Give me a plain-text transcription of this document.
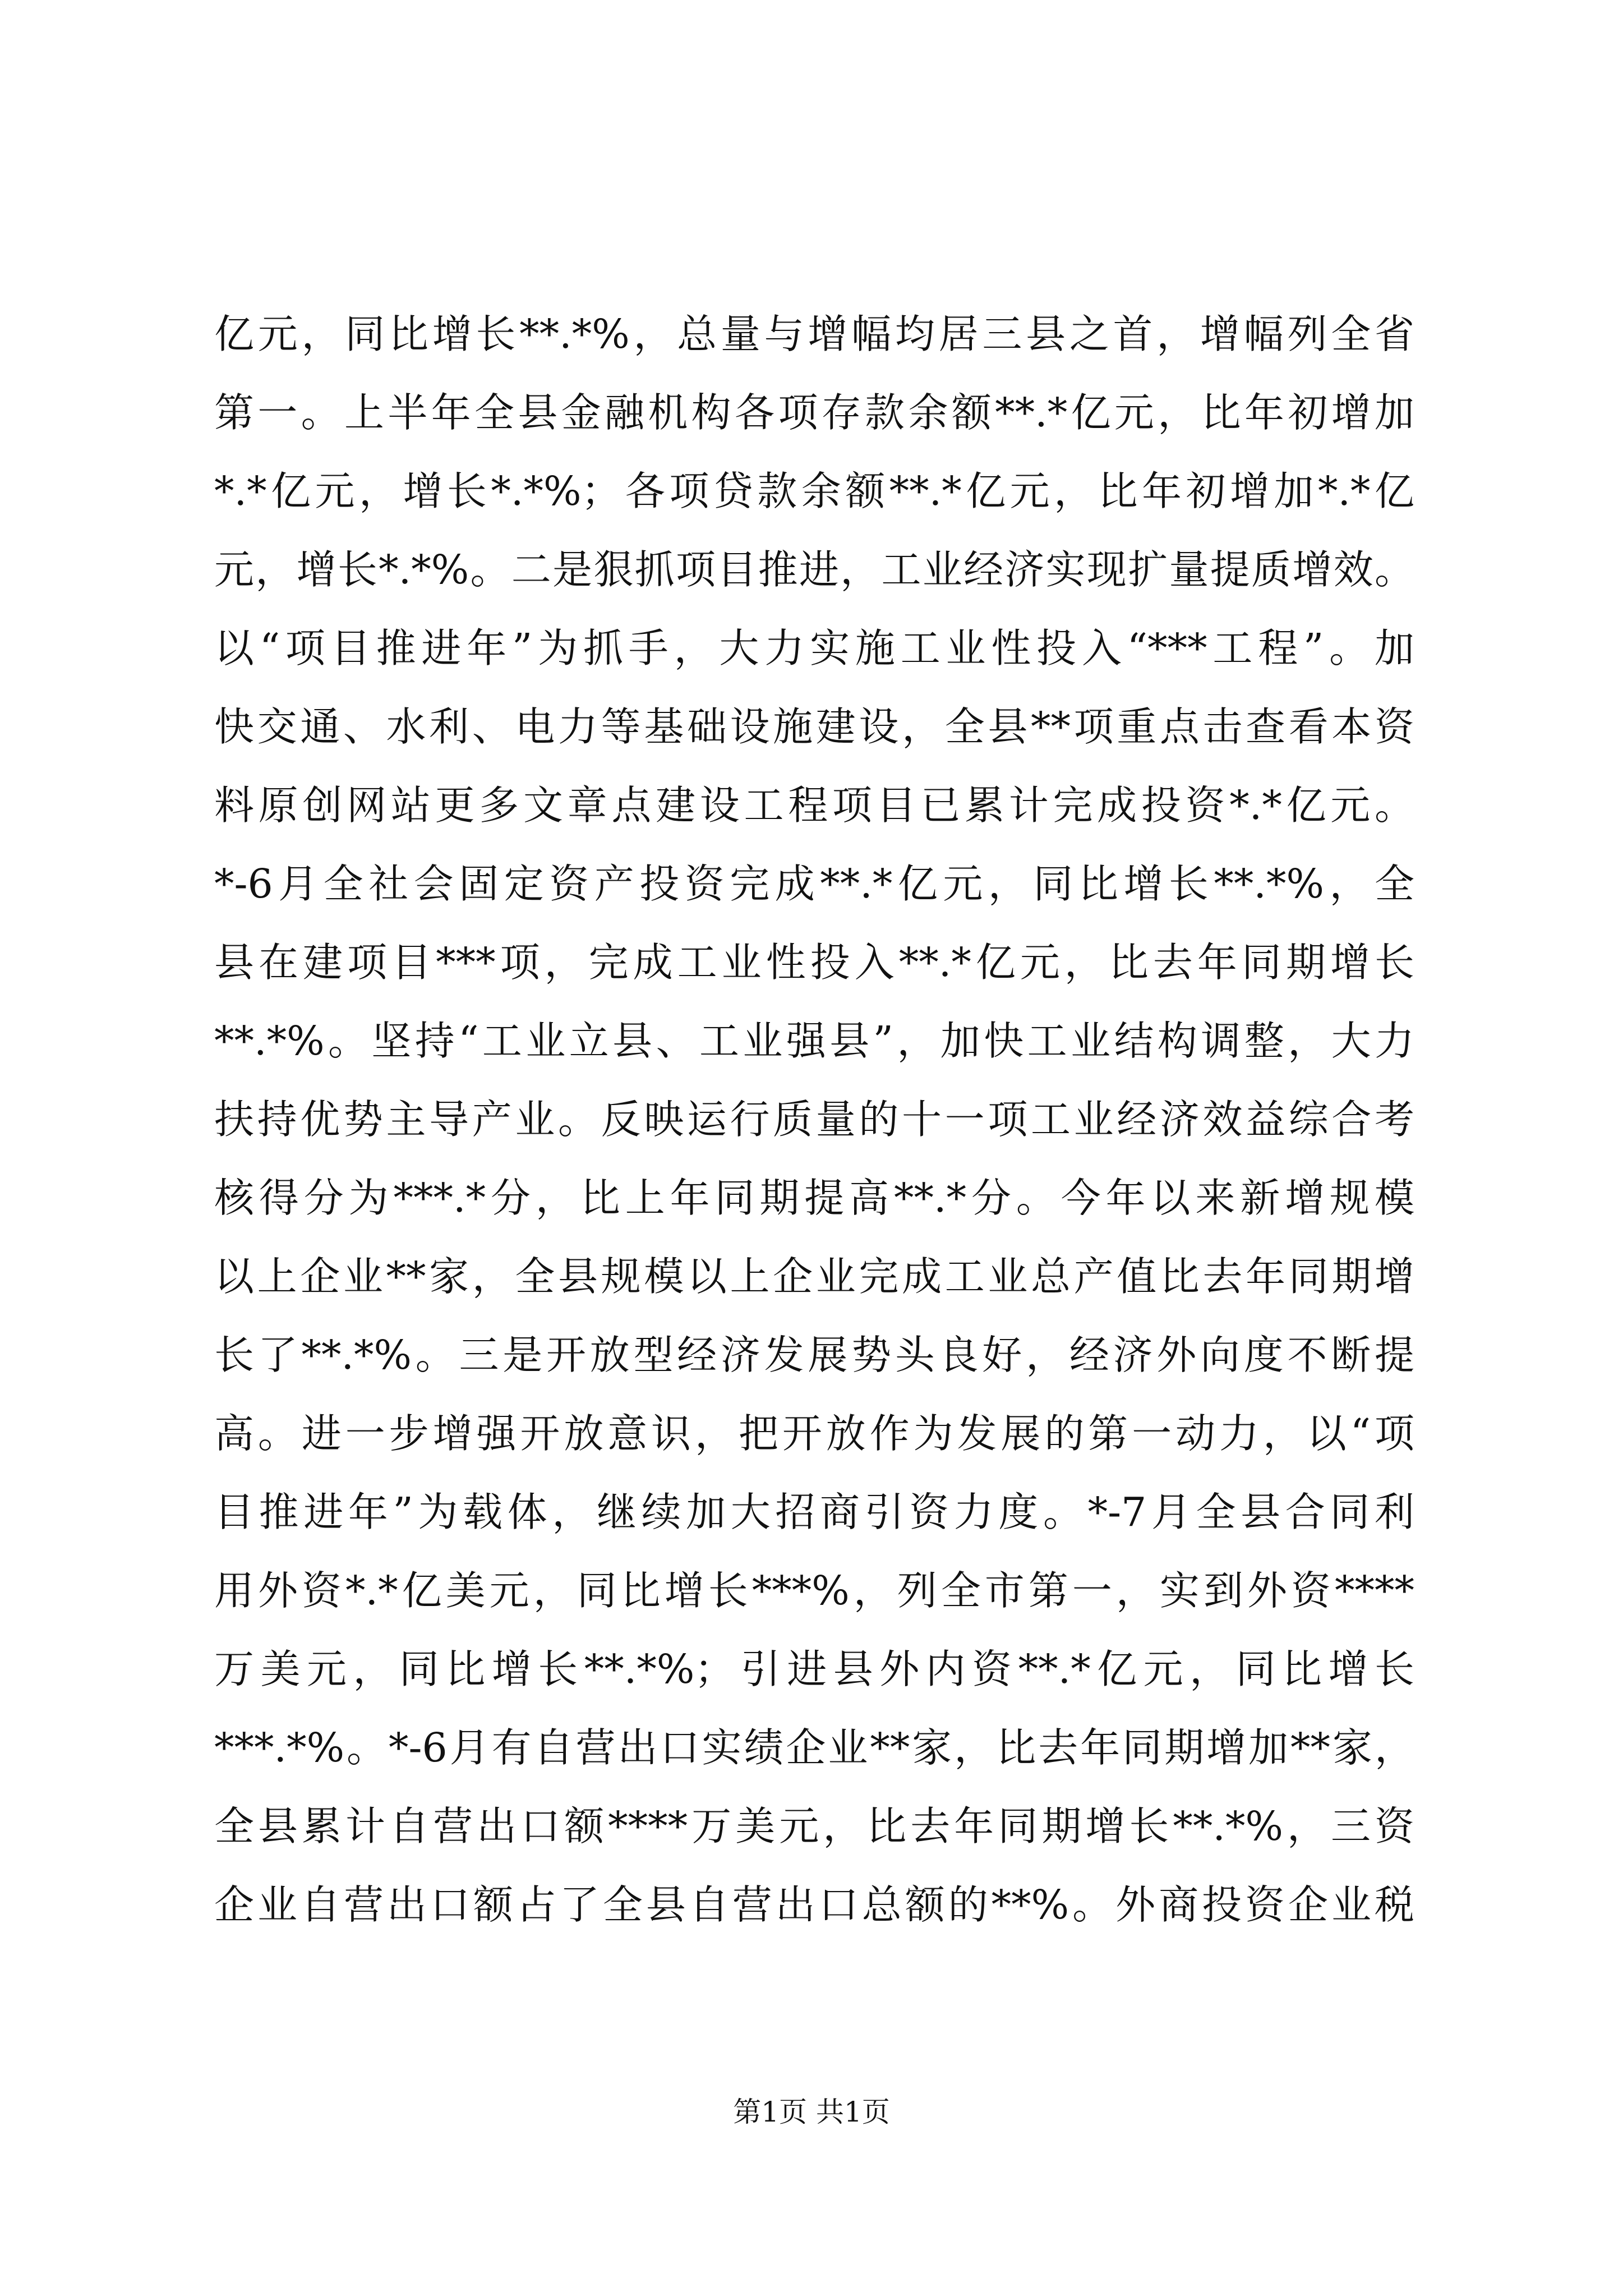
亿元，同比增长**.*%，总量与增幅均居三县之首，增幅列全省
第一。上半年全县金融机构各项存款余额**.*亿元，比年初增加
*.*亿元，增长*.*%；各项贷款余额**.*亿元，比年初增加*.*亿
元，增长*.*%。二是狠抓项目推进，工业经济实现扩量提质增效。
以“项目推进年”为抓手，大力实施工业性投入“***工程”。加
快交通、水利、电力等基础设施建设，全县**项重点击查看本资
料原创网站更多文章点建设工程项目已累计完成投资*.*亿元。
*-6月全社会固定资产投资完成**.*亿元，同比增长**.*%，全
县在建项目***项，完成工业性投入**.*亿元，比去年同期增长
**.*%。坚持“工业立县、工业强县”，加快工业结构调整，大力
扶持优势主导产业。反映运行质量的十一项工业经济效益综合考
核得分为***.*分，比上年同期提高**.*分。今年以来新增规模
以上企业**家，全县规模以上企业完成工业总产值比去年同期增
长了**.*%。三是开放型经济发展势头良好，经济外向度不断提
高。进一步增强开放意识，把开放作为发展的第一动力，以“项
目推进年”为载体，继续加大招商引资力度。*-7月全县合同利
用外资*.*亿美元，同比增长***%，列全市第一，实到外资****
万美元，同比增长**.*%；引进县外内资**.*亿元，同比增长
***.*%。*-6月有自营出口实绩企业**家，比去年同期增加**家，
全县累计自营出口额****万美元，比去年同期增长**.*%，三资
企业自营出口额占了全县自营出口总额的**%。外商投资企业税
第1页 共1页
